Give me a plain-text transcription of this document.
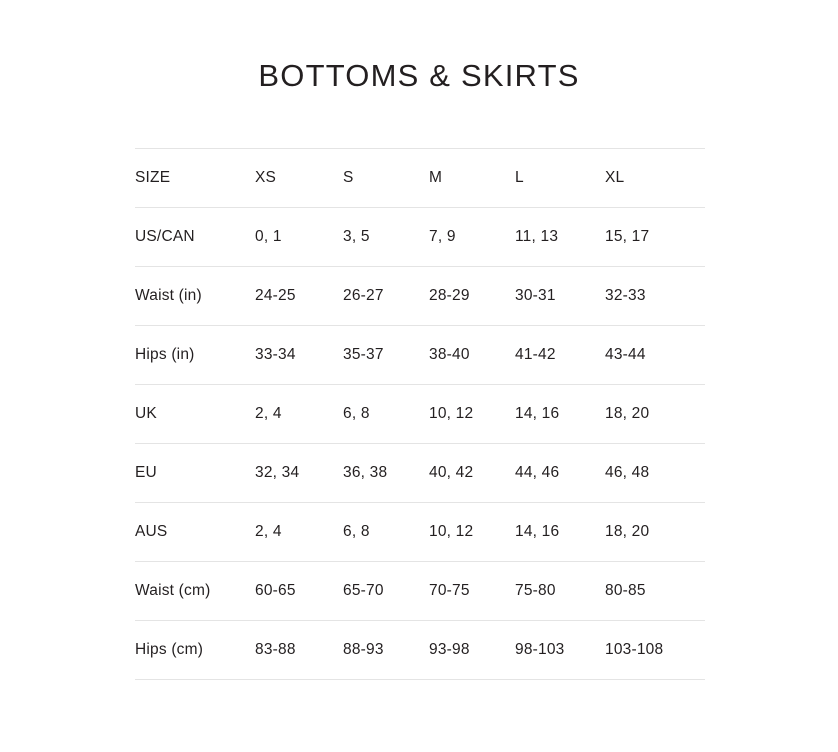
BOTTOMS & SKIRTS
SIZE	XS	S	M	L	XL
US/CAN	0, 1	3, 5	7, 9	11, 13	15, 17
Waist (in)	24-25	26-27	28-29	30-31	32-33
Hips (in)	33-34	35-37	38-40	41-42	43-44
UK	2, 4	6, 8	10, 12	14, 16	18, 20
EU	32, 34	36, 38	40, 42	44, 46	46, 48
AUS	2, 4	6, 8	10, 12	14, 16	18, 20
Waist (cm)	60-65	65-70	70-75	75-80	80-85
Hips (cm)	83-88	88-93	93-98	98-103	103-108
